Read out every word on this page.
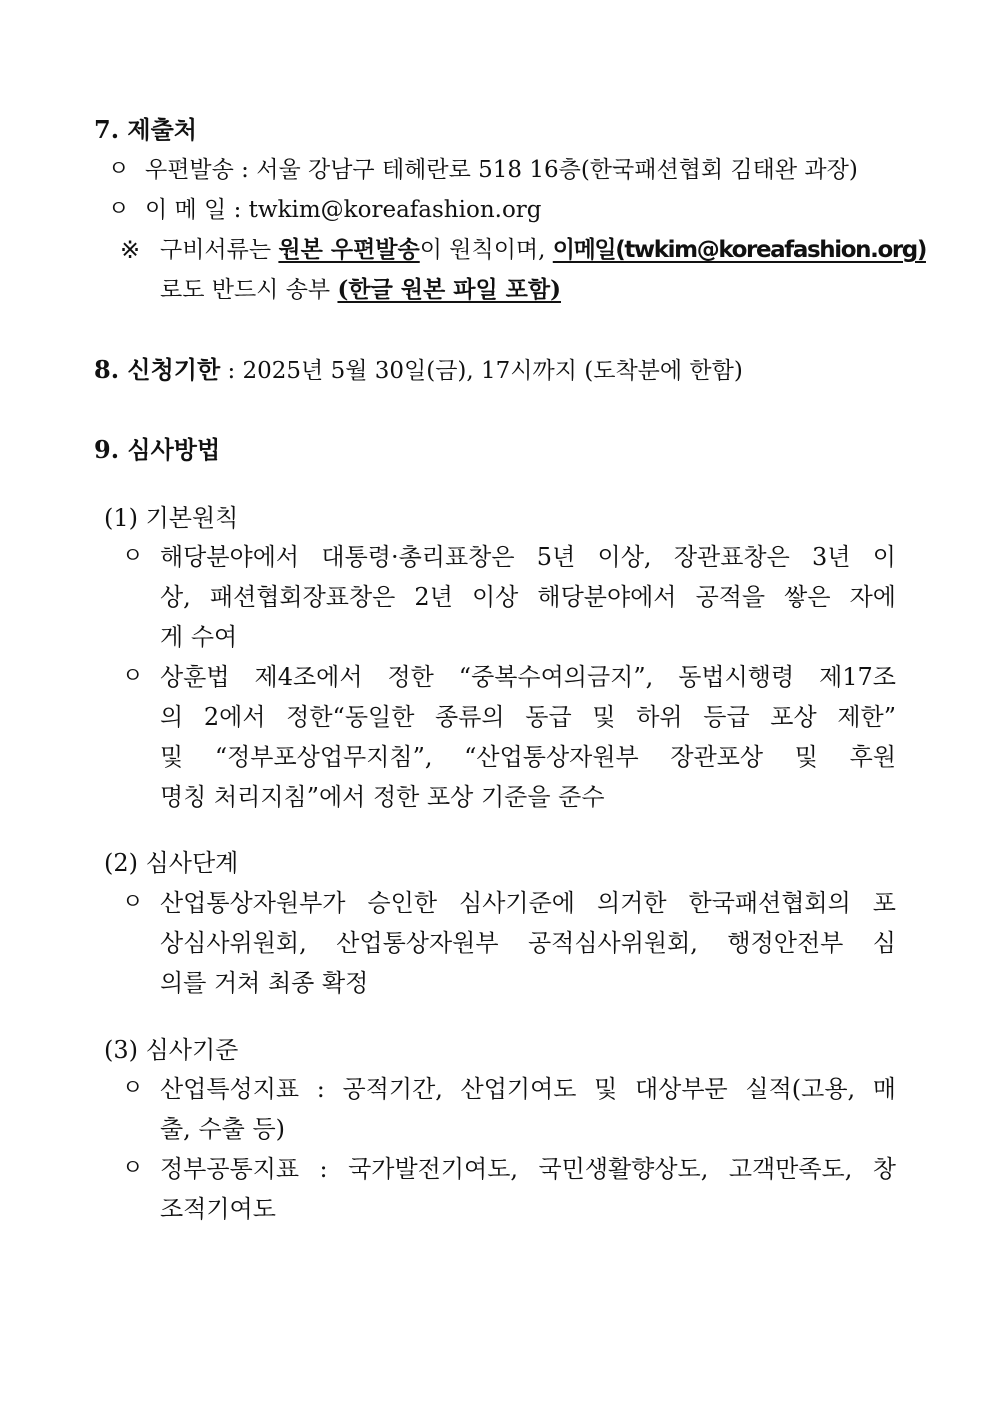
7. 제출처
ㅇ 우편발송 : 서울 강남구 테헤란로 518 16층(한국패션협회 김태완 과장)
ㅇ 이 메 일 : twkim@koreafashion.org
※ 구비서류는 원본 우편발송이 원칙이며, 이메일(twkim@koreafashion.org)
로도 반드시 송부 (한글 원본 파일 포함)
8. 신청기한 : 2025년 5월 30일(금), 17시까지 (도착분에 한함)
9. 심사방법
(1) 기본원칙
ㅇ 해당분야에서 대통령·총리표창은 5년 이상, 장관표창은 3년 이
상, 패션협회장표창은 2년 이상 해당분야에서 공적을 쌓은 자에
게 수여
ㅇ 상훈법 제4조에서 정한 “중복수여의금지”, 동법시행령 제17조
의 2에서 정한“동일한 종류의 동급 및 하위 등급 포상 제한”
및 “정부포상업무지침”, “산업통상자원부 장관포상 및 후원
명칭 처리지침”에서 정한 포상 기준을 준수
(2) 심사단계
ㅇ 산업통상자원부가 승인한 심사기준에 의거한 한국패션협회의 포
상심사위원회, 산업통상자원부 공적심사위원회, 행정안전부 심
의를 거쳐 최종 확정
(3) 심사기준
ㅇ 산업특성지표 : 공적기간, 산업기여도 및 대상부문 실적(고용, 매
출, 수출 등)
ㅇ 정부공통지표 : 국가발전기여도, 국민생활향상도, 고객만족도, 창
조적기여도
